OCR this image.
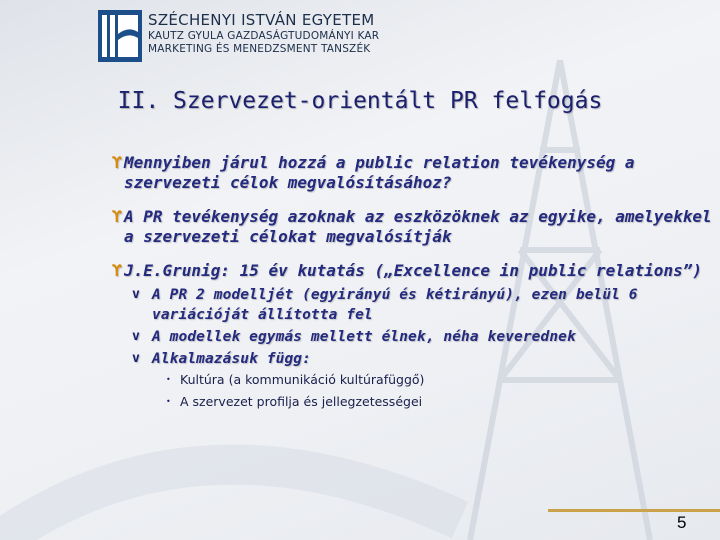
SZÉCHENYI ISTVÁN EGYETEM
KAUTZ GYULA GAZDASÁGTUDOMÁNYI KAR
MARKETING ÉS MENEDZSMENT TANSZÉK
II. Szervezet-orientált PR felfogás
ϒ Mennyiben járul hozzá a public relation tevékenység a szervezeti célok megvalósításához?
ϒ A PR tevékenység azoknak az eszközöknek az egyike, amelyekkel a szervezeti célokat megvalósítják
ϒ J.E.Grunig: 15 év kutatás („Excellence in public relations”)
v A PR 2 modelljét (egyirányú és kétirányú), ezen belül 6 variációját állította fel
v A modellek egymás mellett élnek, néha keverednek
v Alkalmazásuk függ:
• Kultúra (a kommunikáció kultúrafüggő)
• A szervezet profilja és jellegzetességei
5
